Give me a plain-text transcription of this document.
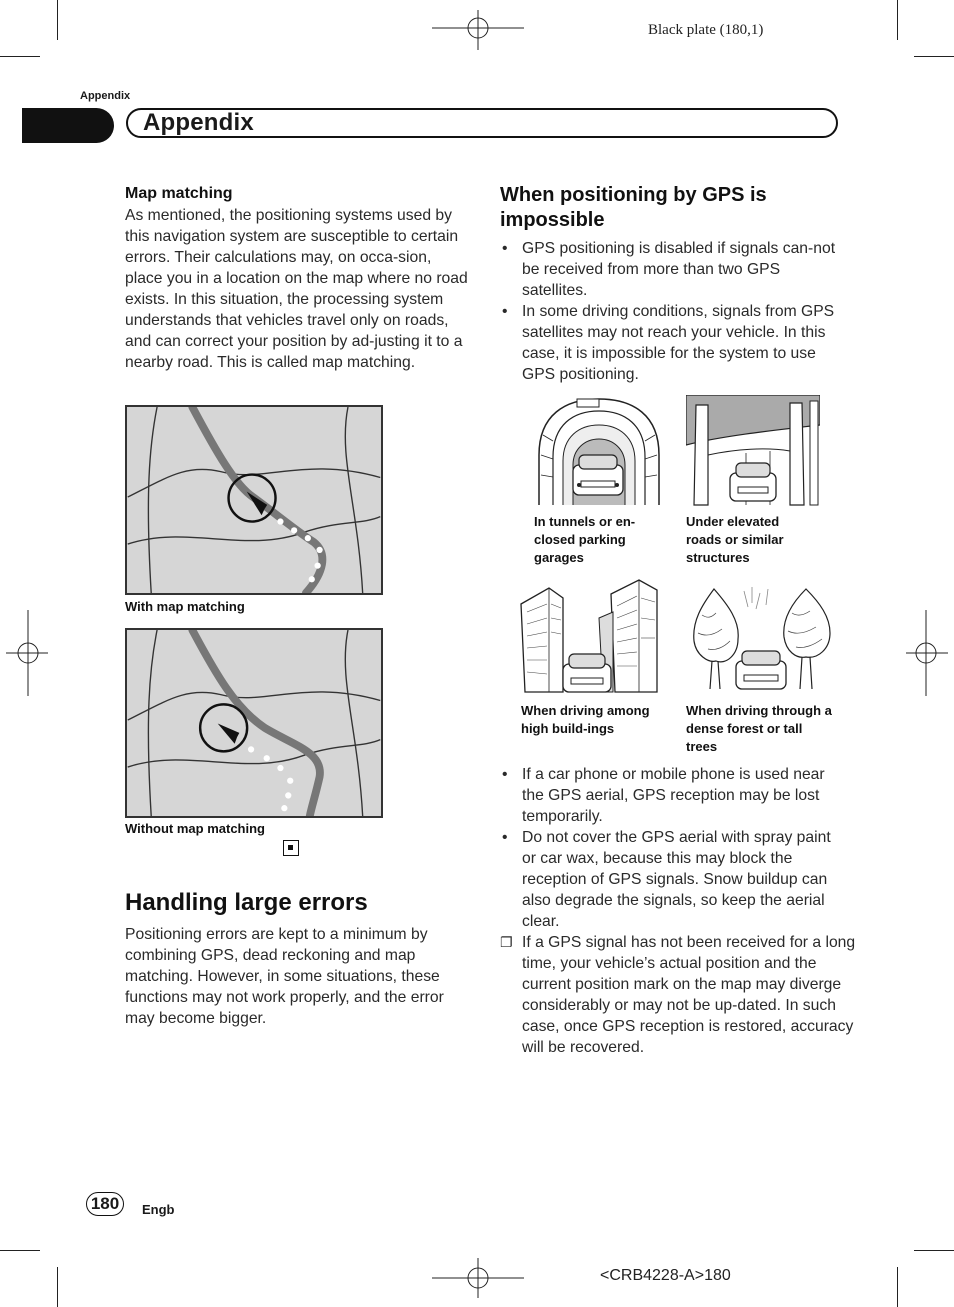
Black plate (180,1)
Appendix
Appendix
Map matching
As mentioned, the positioning systems used by this navigation system are susceptible to certain errors. Their calculations may, on occa-sion, place you in a location on the map where no road exists. In this situation, the processing system understands that vehicles travel only on roads, and can correct your position by ad-justing it to a nearby road. This is called map matching.
With map matching
Without map matching
Handling large errors
Positioning errors are kept to a minimum by combining GPS, dead reckoning and map matching. However, in some situations, these functions may not work properly, and the error may become bigger.
When positioning by GPS is impossible
• GPS positioning is disabled if signals can-not be received from more than two GPS satellites.
• In some driving conditions, signals from GPS satellites may not reach your vehicle. In this case, it is impossible for the system to use GPS positioning.
In tunnels or en-closed parking garages
Under elevated roads or similar structures
When driving among high build-ings
When driving through a dense forest or tall trees
• If a car phone or mobile phone is used near the GPS aerial, GPS reception may be lost temporarily.
• Do not cover the GPS aerial with spray paint or car wax, because this may block the reception of GPS signals. Snow buildup can also degrade the signals, so keep the aerial clear.
❐ If a GPS signal has not been received for a long time, your vehicle’s actual position and the current position mark on the map may diverge considerably or may not be up-dated. In such case, once GPS reception is restored, accuracy will be recovered.
180	Engb
<CRB4228-A>180
